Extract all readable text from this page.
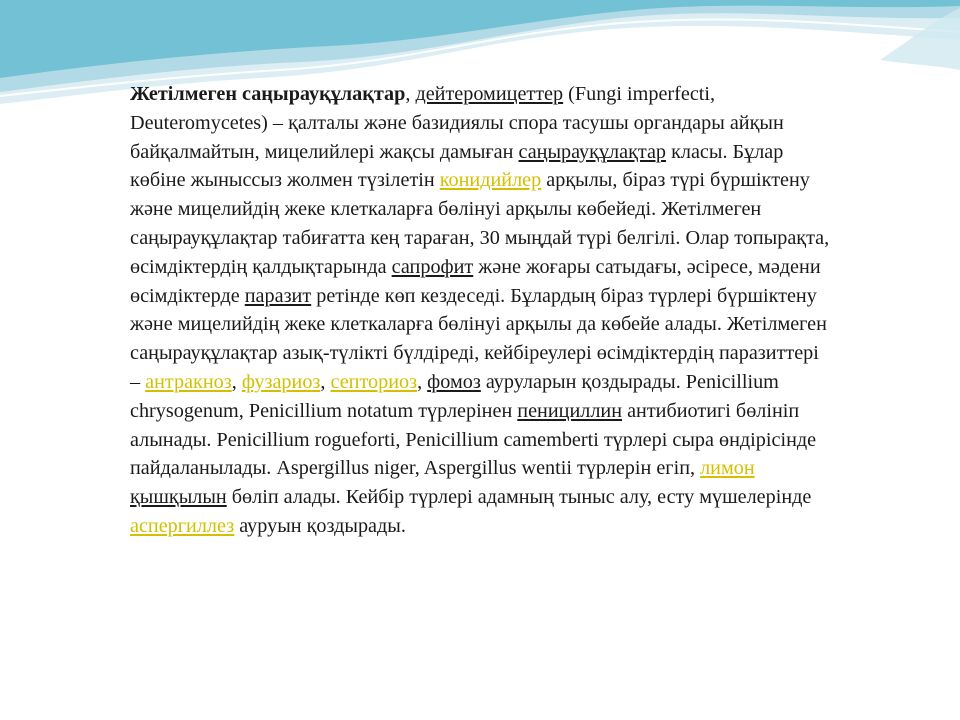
Жетілмеген саңырауқұлақтар, дейтеромицеттер (Fungi imperfecti, Deuteromycetes) – қалталы және базидиялы спора тасушы органдары айқын байқалмайтын, мицелийлері жақсы дамыған саңырауқұлақтар класы. Бұлар көбіне жыныссыз жолмен түзілетін конидийлер арқылы, біраз түрі бүршіктену және мицелийдің жеке клеткаларға бөлінуі арқылы көбейеді. Жетілмеген саңырауқұлақтар табиғатта кең тараған, 30 мыңдай түрі белгілі. Олар топырақта, өсімдіктердің қалдықтарында сапрофит және жоғары сатыдағы, әсіресе, мәдени өсімдіктерде паразит ретінде көп кездеседі. Бұлардың біраз түрлері бүршіктену және мицелийдің жеке клеткаларға бөлінуі арқылы да көбейе алады. Жетілмеген саңырауқұлақтар азық-түлікті бүлдіреді, кейбіреулері өсімдіктердің паразиттері – антракноз, фузариоз, септориоз, фомоз ауруларын қоздырады. Penicillium chrysogenum, Penicillium notatum түрлерінен пенициллин антибиотигі бөлініп алынады. Penicillium rogueforti, Penicillium camemberti түрлері сыра өндірісінде пайдаланылады. Aspergillus niger, Aspergillus wentii түрлерін егіп, лимон қышқылын бөліп алады. Кейбір түрлері адамның тыныс алу, есту мүшелерінде аспергиллез ауруын қоздырады.
